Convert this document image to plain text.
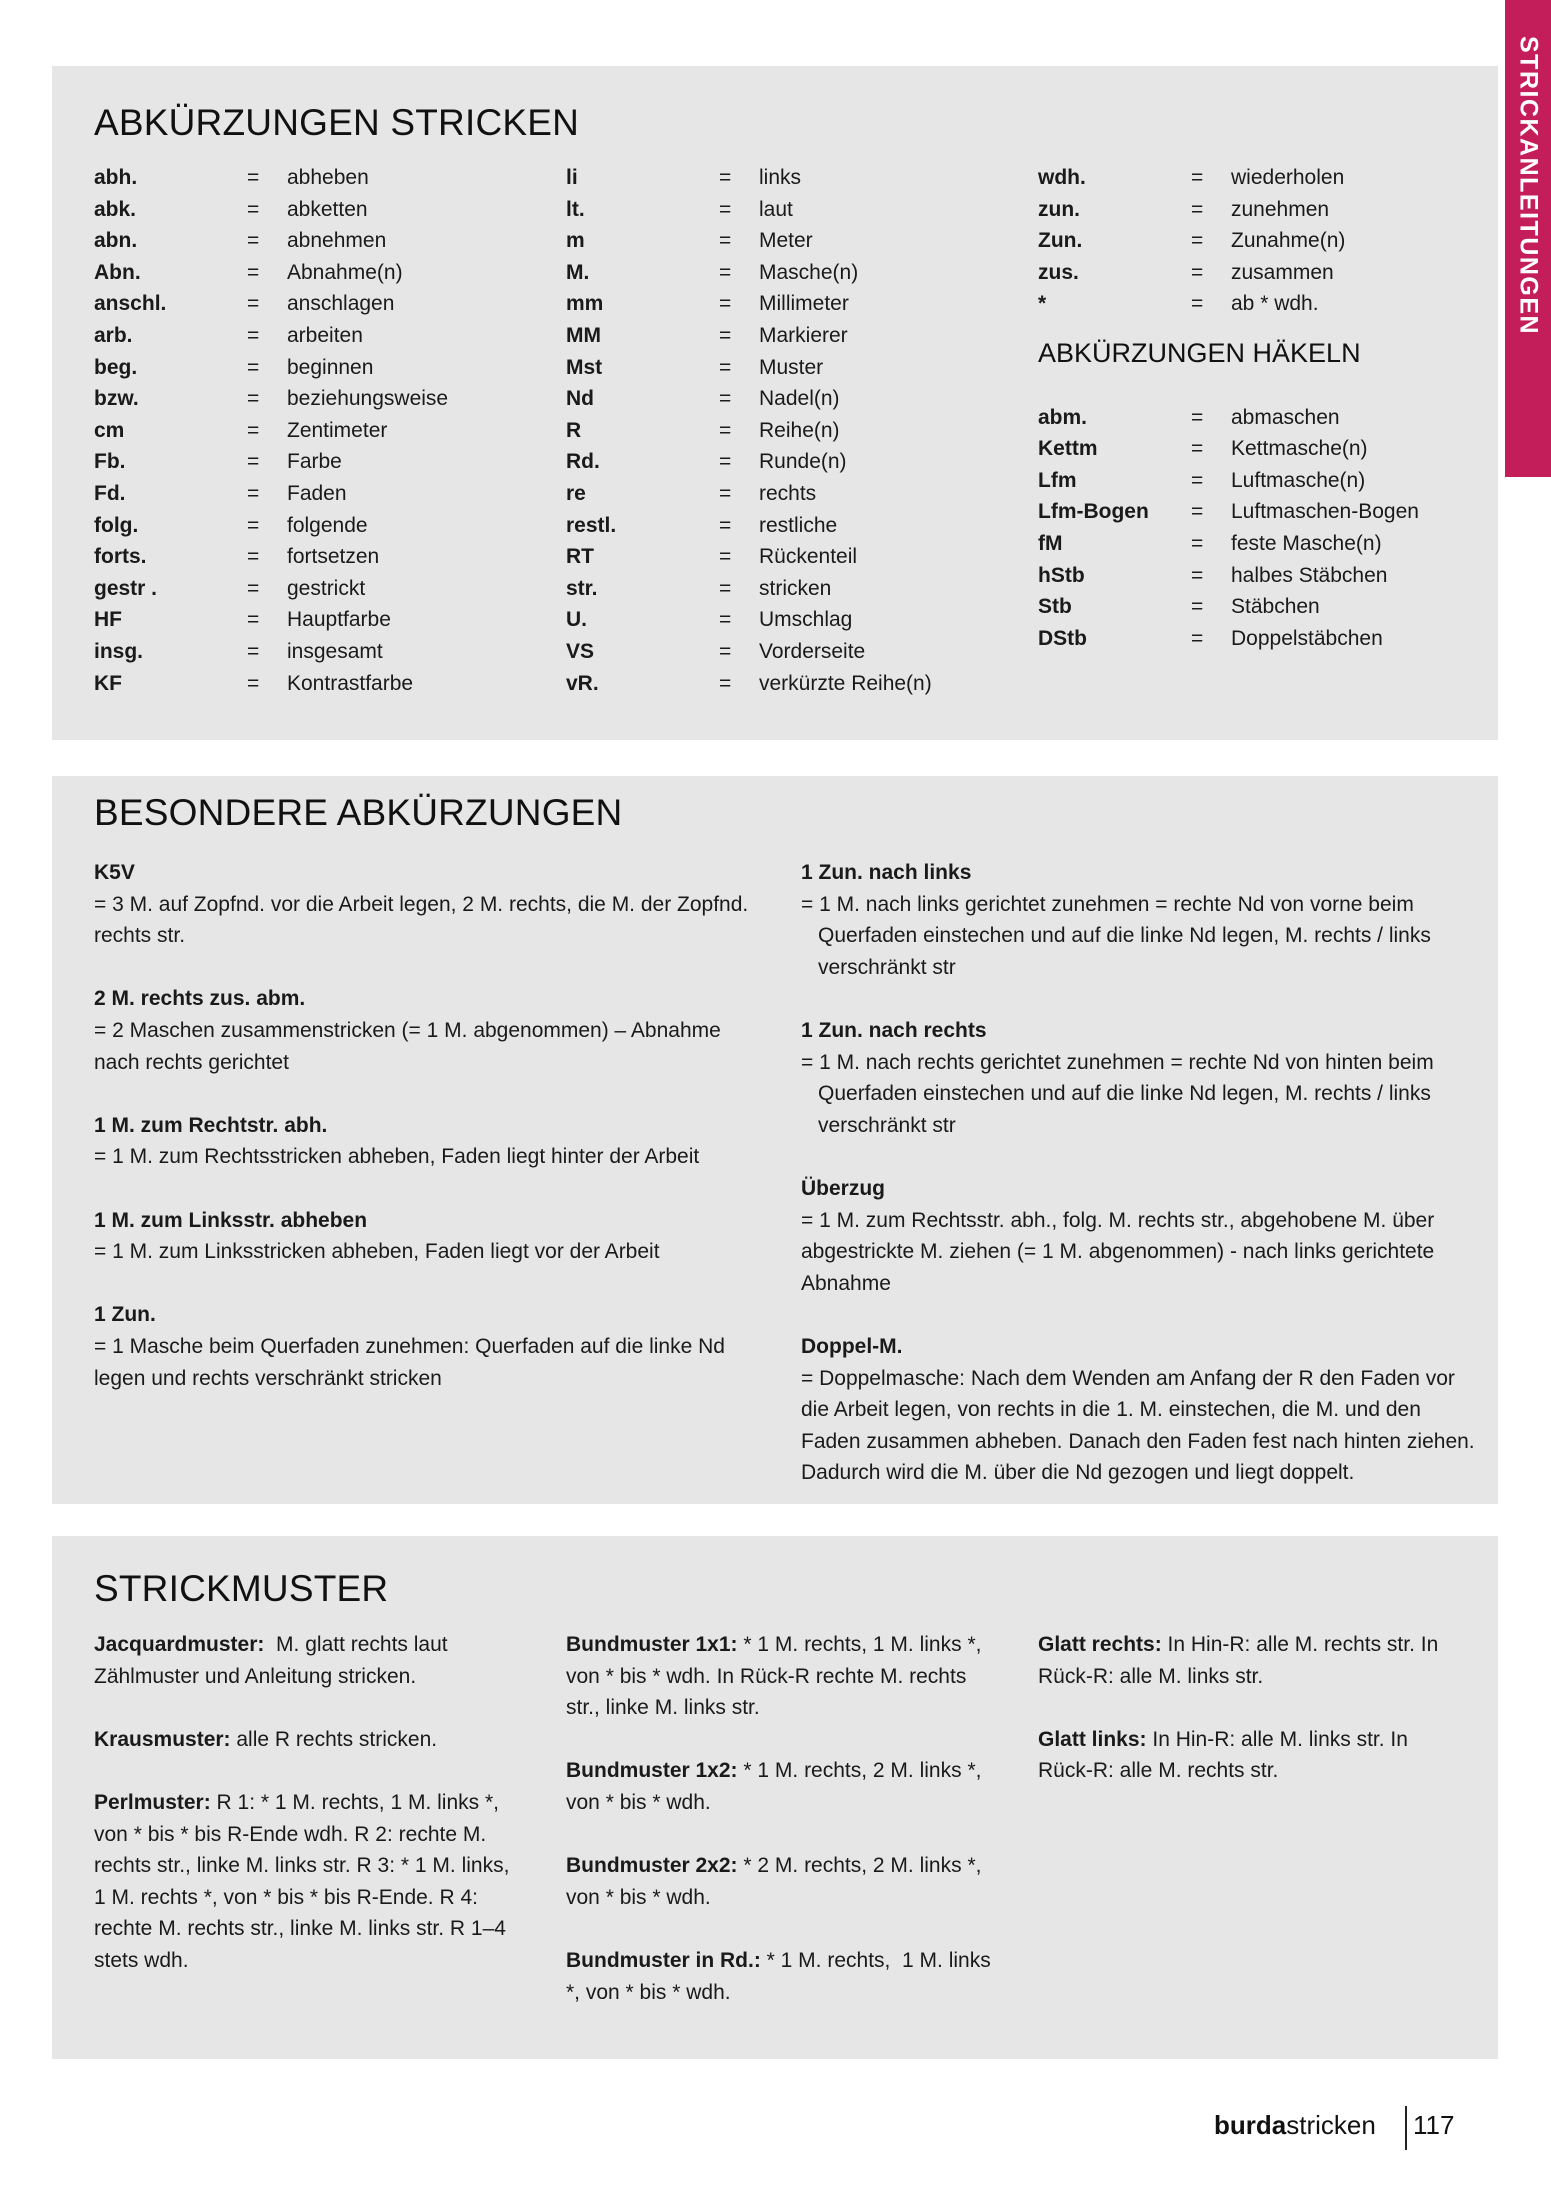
STRICKANLEITUNGEN
ABKÜRZUNGEN STRICKEN
abh.	=	abheben
abk.	=	abketten
abn.	=	abnehmen
Abn.	=	Abnahme(n)
anschl.	=	anschlagen
arb.	=	arbeiten
beg.	=	beginnen
bzw.	=	beziehungsweise
cm	=	Zentimeter
Fb.	=	Farbe
Fd.	=	Faden
folg.	=	folgende
forts.	=	fortsetzen
gestr .	=	gestrickt
HF	=	Hauptfarbe
insg.	=	insgesamt
KF	=	Kontrastfarbe
li	=	links
lt.	=	laut
m	=	Meter
M.	=	Masche(n)
mm	=	Millimeter
MM	=	Markierer
Mst	=	Muster
Nd	=	Nadel(n)
R	=	Reihe(n)
Rd.	=	Runde(n)
re	=	rechts
restl.	=	restliche
RT	=	Rückenteil
str.	=	stricken
U.	=	Umschlag
VS	=	Vorderseite
vR.	=	verkürzte Reihe(n)
wdh.	=	wiederholen
zun.	=	zunehmen
Zun.	=	Zunahme(n)
zus.	=	zusammen
*	=	ab * wdh.
ABKÜRZUNGEN HÄKELN
abm.	=	abmaschen
Kettm	=	Kettmasche(n)
Lfm	=	Luftmasche(n)
Lfm-Bogen	=	Luftmaschen-Bogen
fM	=	feste Masche(n)
hStb	=	halbes Stäbchen
Stb	=	Stäbchen
DStb	=	Doppelstäbchen
BESONDERE ABKÜRZUNGEN
K5V
= 3 M. auf Zopfnd. vor die Arbeit legen, 2 M. rechts, die M. der Zopfnd. rechts str.
2 M. rechts zus. abm.
= 2 Maschen zusammenstricken (= 1 M. abgenommen) – Abnahme nach rechts gerichtet
1 M. zum Rechtstr. abh.
= 1 M. zum Rechtsstricken abheben, Faden liegt hinter der Arbeit
1 M. zum Linksstr. abheben
= 1 M. zum Linksstricken abheben, Faden liegt vor der Arbeit
1 Zun.
= 1 Masche beim Querfaden zunehmen: Querfaden auf die linke Nd legen und rechts verschränkt stricken
1 Zun. nach links
= 1 M. nach links gerichtet zunehmen = rechte Nd von vorne beim Querfaden einstechen und auf die linke Nd legen, M. rechts / links verschränkt str
1 Zun. nach rechts
= 1 M. nach rechts gerichtet zunehmen = rechte Nd von hinten beim Querfaden einstechen und auf die linke Nd legen, M. rechts / links verschränkt str
Überzug
= 1 M. zum Rechtsstr. abh., folg. M. rechts str., abgehobene M. über abgestrickte M. ziehen (= 1 M. abgenommen) - nach links gerichtete Abnahme
Doppel-M.
= Doppelmasche: Nach dem Wenden am Anfang der R den Faden vor die Arbeit legen, von rechts in die 1. M. einstechen, die M. und den Faden zusammen abheben. Danach den Faden fest nach hinten ziehen. Dadurch wird die M. über die Nd gezogen und liegt doppelt.
STRICKMUSTER
Jacquardmuster:  M. glatt rechts laut Zählmuster und Anleitung stricken.
Krausmuster: alle R rechts stricken.
Perlmuster: R 1: * 1 M. rechts, 1 M. links *, von * bis * bis R-Ende wdh. R 2: rechte M. rechts str., linke M. links str. R 3: * 1 M. links, 1 M. rechts *, von * bis * bis R-Ende. R 4: rechte M. rechts str., linke M. links str. R 1–4 stets wdh.
Bundmuster 1x1: * 1 M. rechts, 1 M. links *, von * bis * wdh. In Rück-R rechte M. rechts str., linke M. links str.
Bundmuster 1x2: * 1 M. rechts, 2 M. links *, von * bis * wdh.
Bundmuster 2x2: * 2 M. rechts, 2 M. links *, von * bis * wdh.
Bundmuster in Rd.: * 1 M. rechts,  1 M. links *, von * bis * wdh.
Glatt rechts: In Hin-R: alle M. rechts str. In Rück-R: alle M. links str.
Glatt links: In Hin-R: alle M. links str. In Rück-R: alle M. rechts str.
burdastricken 117
